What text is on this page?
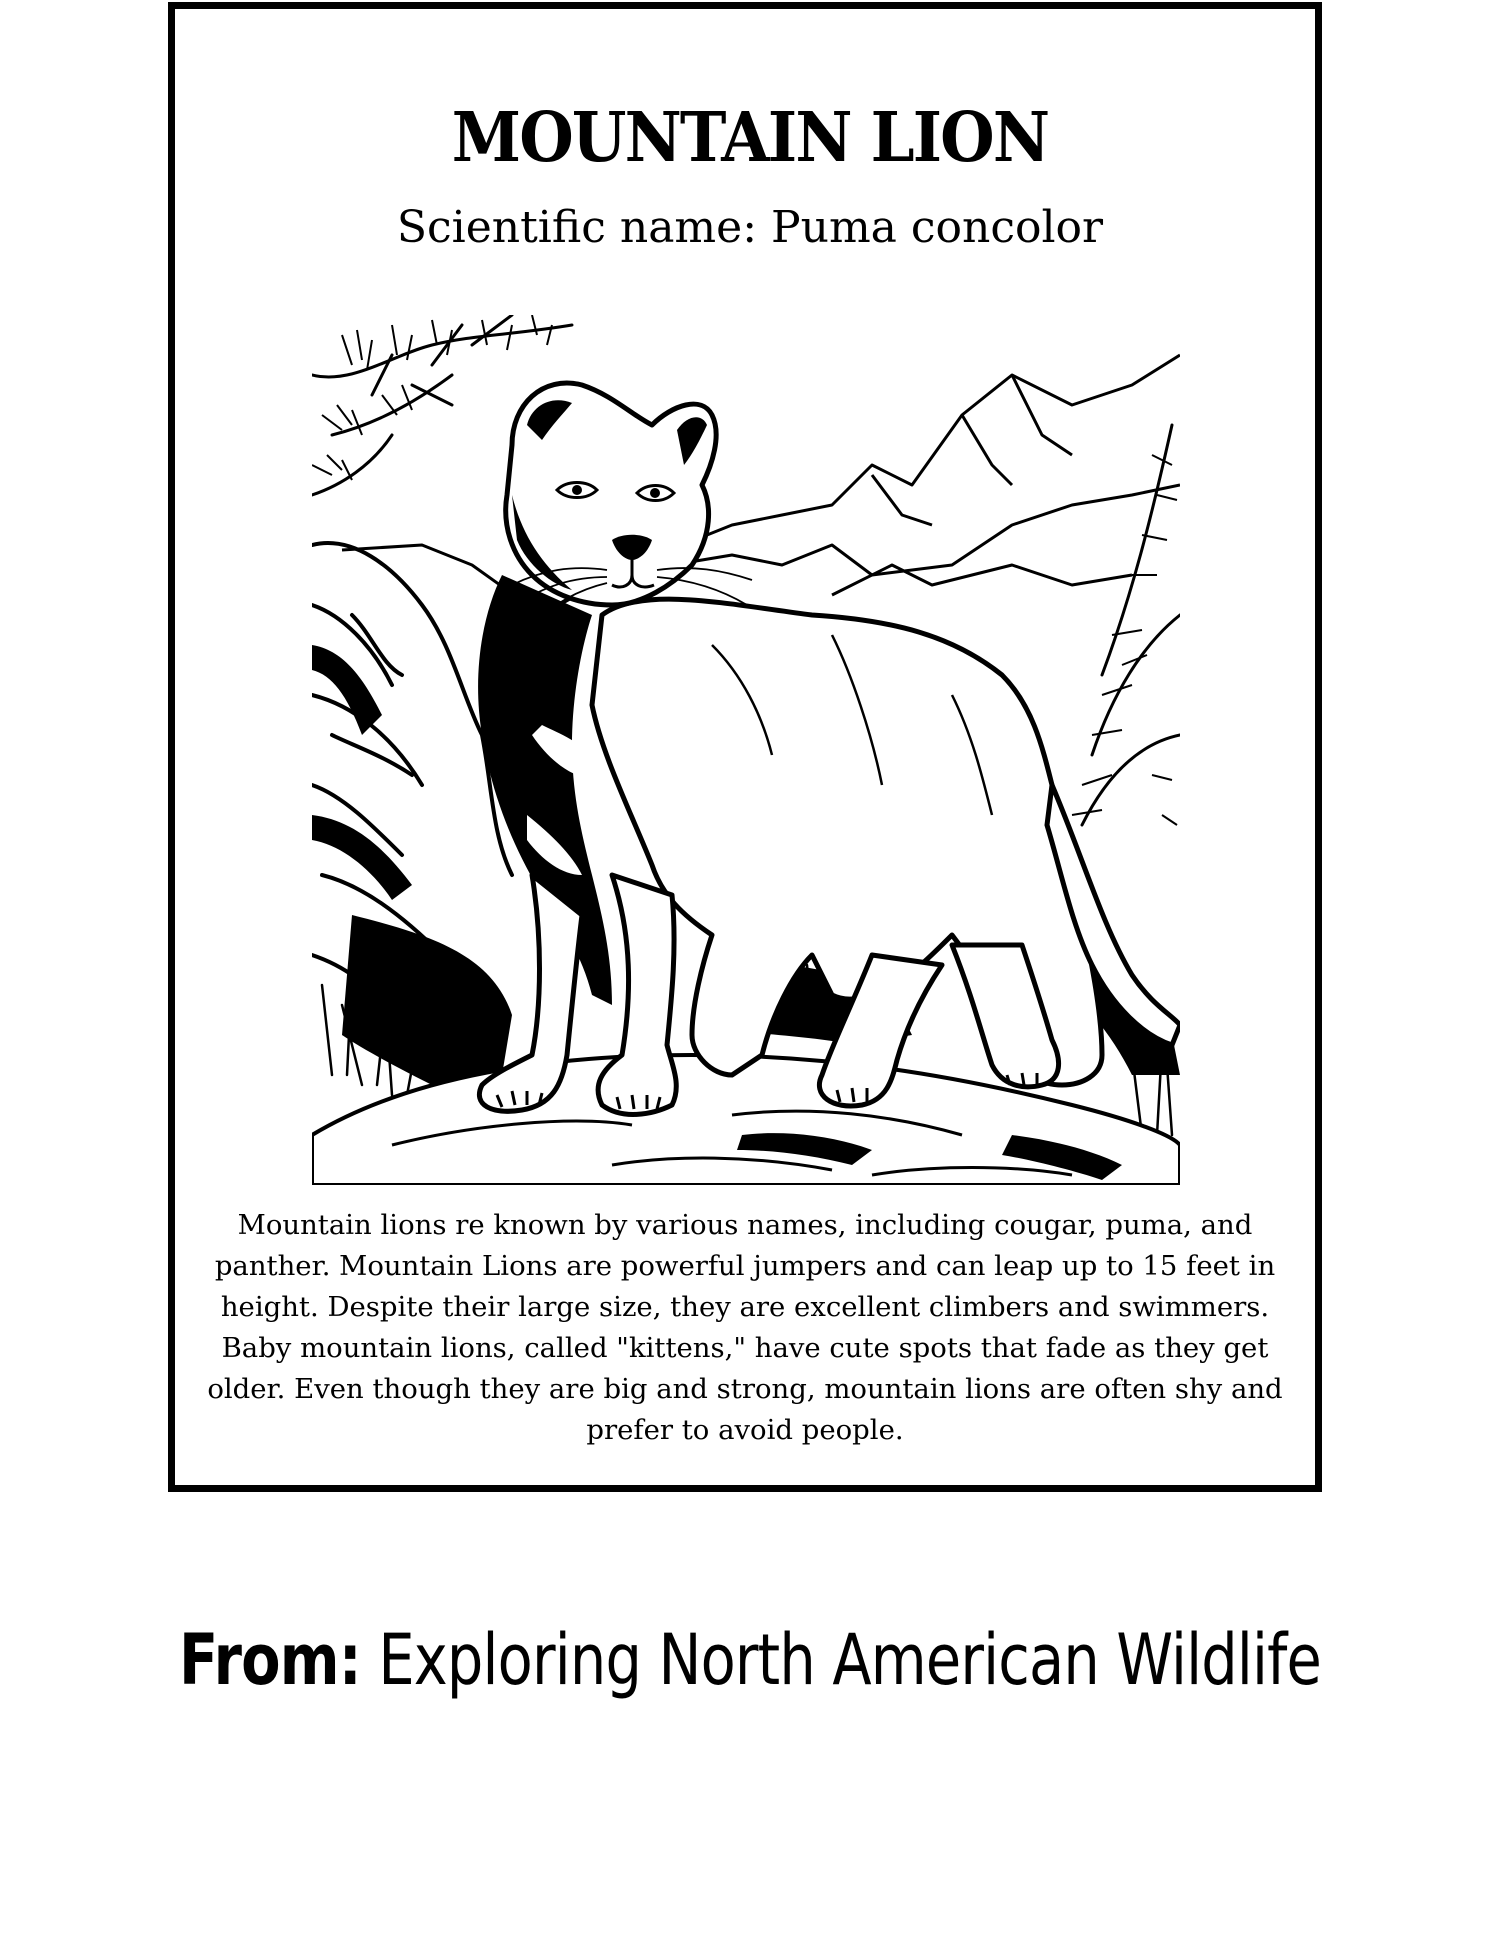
MOUNTAIN LION
Scientific name: Puma concolor

Mountain lions re known by various names, including cougar, puma, and panther. Mountain Lions are powerful jumpers and can leap up to 15 feet in height. Despite their large size, they are excellent climbers and swimmers. Baby mountain lions, called "kittens," have cute spots that fade as they get older. Even though they are big and strong, mountain lions are often shy and prefer to avoid people.

From: Exploring North American Wildlife
